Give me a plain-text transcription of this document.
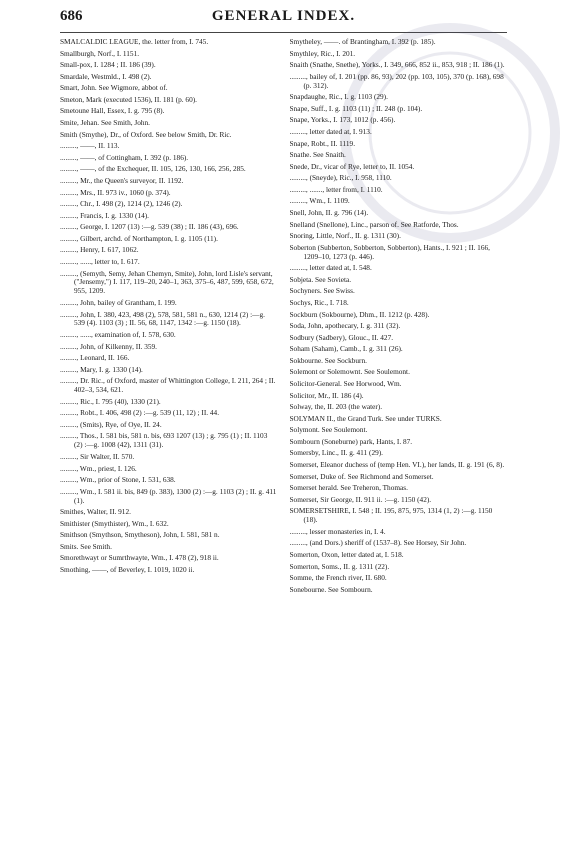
686	GENERAL INDEX.
SMALCALDIC LEAGUE, the. letter from, I. 745.
Smallburgh, Norf., I. 1151.
Small-pox, I. 1284 ; II. 186 (39).
Smardale, Westmld., I. 498 (2).
Smart, John. See Wigmore, abbot of.
Smeton, Mark (executed 1536), II. 181 (p. 60).
Smetoune Hall, Essex, I. g. 795 (8).
Smite, Jehan. See Smith, John.
Smith (Smythe), Dr., of Oxford. See below Smith, Dr. Ric.
........., ——, II. 113.
........., ——, of Cottingham, I. 392 (p. 186).
........., ——, of the Exchequer, II. 105, 126, 130, 166, 256, 285.
........., Mr., the Queen's surveyor, II. 1192.
........., Mrs., II. 973 iv., 1060 (p. 374).
........., Chr., I. 498 (2), 1214 (2), 1246 (2).
........., Francis, I. g. 1330 (14).
........., George, I. 1207 (13) :—g. 539 (38) ; II. 186 (43), 696.
........., Gilbert, archd. of Northampton, I. g. 1105 (11).
........., Henry, I. 617, 1062.
........., ......, letter to, I. 617.
........., (Semyth, Semy, Jehan Chemyn, Smite), John, lord Lisle's servant, ("Jensemy,") I. 117, 119–20, 240–1, 363, 375–6, 487, 599, 658, 672, 955, 1209.
........., John, bailey of Grantham, I. 199.
........., John, I. 380, 423, 498 (2), 578, 581, 581 n., 630, 1214 (2) :—g. 539 (4). 1103 (3) ; II. 56, 68, 1147, 1342 :—g. 1150 (18).
........., ......, examination of, I. 578, 630.
........., John, of Kilkenny, II. 359.
........., Leonard, II. 166.
........., Mary, I. g. 1330 (14).
........., Dr. Ric., of Oxford, master of Whittington College, I. 211, 264 ; II. 402–3, 534, 621.
........., Ric., I. 795 (40), 1330 (21).
........., Robt., I. 406, 498 (2) :—g. 539 (11, 12) ; II. 44.
........., (Smits), Rye, of Oye, II. 24.
........., Thos., I. 581 bis, 581 n. bis, 693 1207 (13) ; g. 795 (1) ; II. 1103 (2) :—g. 1008 (42), 1311 (31).
........., Sir Walter, II. 570.
........., Wm., priest, I. 126.
........., Wm., prior of Stone, I. 531, 638.
........., Wm., I. 581 ii. bis, 849 (p. 383), 1300 (2) :—g. 1103 (2) ; II. g. 411 (1).
Smithes, Walter, II. 912.
Smithister (Smythister), Wm., I. 632.
Smithson (Smythson, Smytheson), John, I. 581, 581 n.
Smits. See Smith.
Smorethwayt or Sumrthwayte, Wm., I. 478 (2), 918 ii.
Smothing, ——, of Beverley, I. 1019, 1020 ii.
Smytheley, ——. of Brantingham, I. 392 (p. 185).
Smythley, Ric., I. 201.
Snaith (Snathe, Snethe), Yorks., I. 349, 666, 852 ii., 853, 918 ; II. 186 (1).
........., bailey of, I. 201 (pp. 86, 93), 202 (pp. 103, 105), 370 (p. 168), 698 (p. 312).
Snapdaughe, Ric., I. g. 1103 (29).
Snape, Suff., I. g. 1103 (11) ; II. 248 (p. 104).
Snape, Yorks., I. 173, 1012 (p. 456).
........., letter dated at, I. 913.
Snape, Robt., II. 1119.
Snathe. See Snaith.
Snede, Dr., vicar of Rye, letter to, II. 1054.
........., (Sneyde), Ric., I. 958, 1110.
........., ......., letter from, I. 1110.
........., Wm., I. 1109.
Snell, John, II. g. 796 (14).
Snelland (Snellone), Linc., parson of. See Ratforde, Thos.
Snoring, Little, Norf., II. g. 1311 (30).
Soberton (Subberton, Sobberton, Sobberton), Hants., I. 921 ; II. 166, 1209–10, 1273 (p. 446).
........., letter dated at, I. 548.
Sobjeta. See Sovieta.
Sochyners. See Swiss.
Sochys, Ric., I. 718.
Sockburn (Sokbourne), Dhm., II. 1212 (p. 428).
Soda, John, apothecary, I. g. 311 (32).
Sodbury (Sadbery), Glouc., II. 427.
Soham (Saham), Camb., I. g. 311 (26).
Sokbourne. See Sockburn.
Solemont or Solemownt. See Soulemont.
Solicitor-General. See Horwood, Wm.
Solicitor, Mr., II. 186 (4).
Solway, the, II. 203 (the water).
SOLYMAN II., the Grand Turk. See under TURKS.
Solymont. See Soulemont.
Sombourn (Soneburne) park, Hants, I. 87.
Somersby, Linc., II. g. 411 (29).
Somerset, Eleanor duchess of (temp Hen. VI.), her lands, II. g. 191 (6, 8).
Somerset, Duke of. See Richmond and Somerset.
Somerset herald. See Treheron, Thomas.
Somerset, Sir George, II. 911 ii. :—g. 1150 (42).
SOMERSETSHIRE, I. 548 ; II. 195, 875, 975, 1314 (1, 2) :—g. 1150 (18).
........., lesser monasteries in, I. 4.
........., (and Dors.) sheriff of (1537–8). See Horsey, Sir John.
Somerton, Oxon, letter dated at, I. 518.
Somerton, Soms., II. g. 1311 (22).
Somme, the French river, II. 680.
Sonebourne. See Sombourn.
